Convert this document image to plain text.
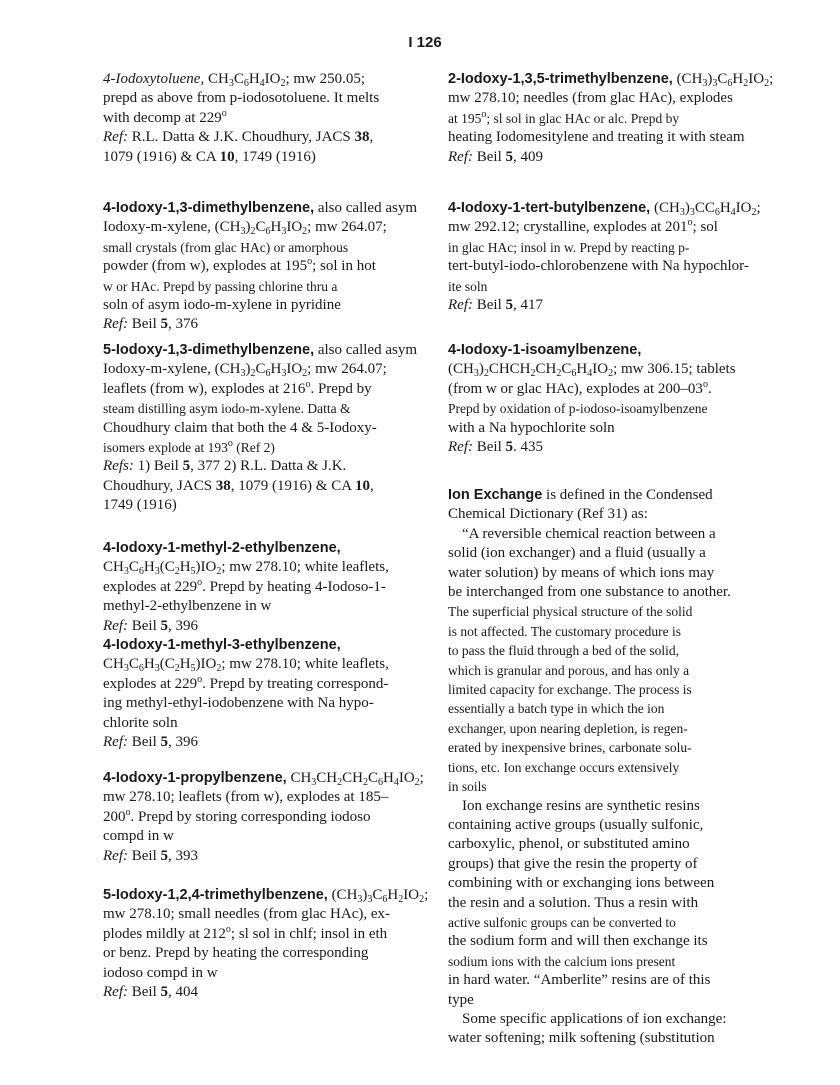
I 126

4-Iodoxytoluene, $CH_3C_6H_4IO_2$; mw 250.05;

prepd as above from p-iodosotoluene. It melts

with decomp at 229$^o$

Ref: R.L. Datta & J.K. Choudhury, JACS 38,

1079 (1916) & CA 10, 1749 (1916)

4-Iodoxy-1,3-dimethylbenzene, also called asym

Iodoxy-m-xylene, $(CH_3)_2C_6H_3IO_2$; mw 264.07;

small crystals (from glac HAc) or amorphous

powder (from w), explodes at 195$^o$; sol in hot

w or HAc. Prepd by passing chlorine thru a

soln of asym iodo-m-xylene in pyridine

Ref: Beil 5, 376

5-Iodoxy-1,3-dimethylbenzene, also called asym

Iodoxy-m-xylene, $(CH_3)_2C_6H_3IO_2$; mw 264.07;

leaflets (from w), explodes at 216$^o$. Prepd by

steam distilling asym iodo-m-xylene. Datta &

Choudhury claim that both the 4 & 5-Iodoxy-

isomers explode at 193$^o$ (Ref 2)

Refs: 1) Beil 5, 377 2) R.L. Datta & J.K.

Choudhury, JACS 38, 1079 (1916) & CA 10,

1749 (1916)

4-Iodoxy-1-methyl-2-ethylbenzene,

$CH_3C_6H_3(C_2H_5)IO_2$; mw 278.10; white leaflets,

explodes at 229$^o$. Prepd by heating 4-Iodoso-1-

methyl-2-ethylbenzene in w

Ref: Beil 5, 396

4-Iodoxy-1-methyl-3-ethylbenzene,

$CH_3C_6H_3(C_2H_5)IO_2$; mw 278.10; white leaflets,

explodes at 229$^o$. Prepd by treating correspond-

ing methyl-ethyl-iodobenzene with Na hypo-

chlorite soln

Ref: Beil 5, 396

4-Iodoxy-1-propylbenzene, $CH_3CH_2CH_2C_6H_4IO_2$;

mw 278.10; leaflets (from w), explodes at 185–

200$^o$. Prepd by storing corresponding iodoso

compd in w

Ref: Beil 5, 393

5-Iodoxy-1,2,4-trimethylbenzene, $(CH_3)_3C_6H_2IO_2$;

mw 278.10; small needles (from glac HAc), ex-

plodes mildly at 212$^o$; sl sol in chlf; insol in eth

or benz. Prepd by heating the corresponding

iodoso compd in w

Ref: Beil 5, 404

2-Iodoxy-1,3,5-trimethylbenzene, $(CH_3)_3C_6H_2IO_2$;

mw 278.10; needles (from glac HAc), explodes

at 195$^o$; sl sol in glac HAc or alc. Prepd by

heating Iodomesitylene and treating it with steam

Ref: Beil 5, 409

4-Iodoxy-1-tert-butylbenzene, $(CH_3)_3CC_6H_4IO_2$;

mw 292.12; crystalline, explodes at 201$^o$; sol

in glac HAc; insol in w. Prepd by reacting p-

tert-butyl-iodo-chlorobenzene with Na hypochlor-

ite soln

Ref: Beil 5, 417

4-Iodoxy-1-isoamylbenzene,

$(CH_3)_2CHCH_2CH_2C_6H_4IO_2$; mw 306.15; tablets

(from w or glac HAc), explodes at 200–03$^o$.

Prepd by oxidation of p-iodoso-isoamylbenzene

with a Na hypochlorite soln

Ref: Beil 5. 435

Ion Exchange is defined in the Condensed

Chemical Dictionary (Ref 31) as:

“A reversible chemical reaction between a

solid (ion exchanger) and a fluid (usually a

water solution) by means of which ions may

be interchanged from one substance to another.

The superficial physical structure of the solid

is not affected. The customary procedure is

to pass the fluid through a bed of the solid,

which is granular and porous, and has only a

limited capacity for exchange. The process is

essentially a batch type in which the ion

exchanger, upon nearing depletion, is regen-

erated by inexpensive brines, carbonate solu-

tions, etc. Ion exchange occurs extensively

in soils

Ion exchange resins are synthetic resins

containing active groups (usually sulfonic,

carboxylic, phenol, or substituted amino

groups) that give the resin the property of

combining with or exchanging ions between

the resin and a solution. Thus a resin with

active sulfonic groups can be converted to

the sodium form and will then exchange its

sodium ions with the calcium ions present

in hard water. “Amberlite” resins are of this

type

Some specific applications of ion exchange:

water softening; milk softening (substitution
